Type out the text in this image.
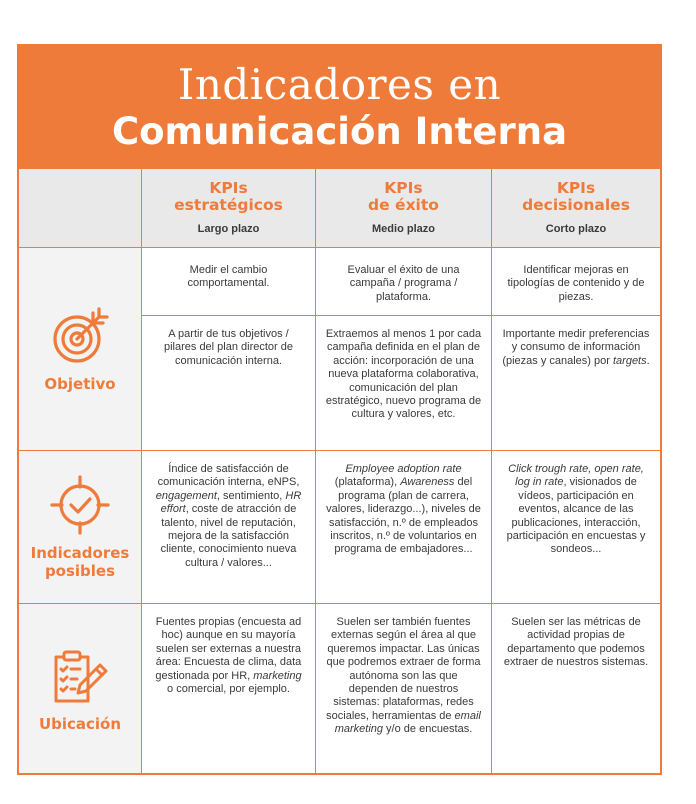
Indicadores en
Comunicación Interna
KPIs
estratégicos
Largo plazo
KPIs
de éxito
Medio plazo
KPIs
decisionales
Corto plazo
Objetivo
Medir el cambio comportamental.
Evaluar el éxito de una campaña / programa / plataforma.
Identificar mejoras en tipologías de contenido y de piezas.
A partir de tus objetivos / pilares del plan director de comunicación interna.
Extraemos al menos 1 por cada campaña definida en el plan de acción: incorporación de una nueva plataforma colaborativa, comunicación del plan estratégico, nuevo programa de cultura y valores, etc.
Importante medir preferencias y consumo de información (piezas y canales) por targets.
Indicadores
posibles
Índice de satisfacción de comunicación interna, eNPS, engagement, sentimiento, HR effort, coste de atracción de talento, nivel de reputación, mejora de la satisfacción cliente, conocimiento nueva cultura / valores...
Employee adoption rate (plataforma), Awareness del programa (plan de carrera, valores, liderazgo...), niveles de satisfacción, n.º de empleados inscritos, n.º de voluntarios en programa de embajadores...
Click trough rate, open rate, log in rate, visionados de vídeos, participación en eventos, alcance de las publicaciones, interacción, participación en encuestas y sondeos...
Ubicación
Fuentes propias (encuesta ad hoc) aunque en su mayoría suelen ser externas a nuestra área: Encuesta de clima, data gestionada por HR, marketing o comercial, por ejemplo.
Suelen ser también fuentes externas según el área al que queremos impactar. Las únicas que podremos extraer de forma autónoma son las que dependen de nuestros sistemas: plataformas, redes sociales, herramientas de email marketing y/o de encuestas.
Suelen ser las métricas de actividad propias de departamento que podemos extraer de nuestros sistemas.
